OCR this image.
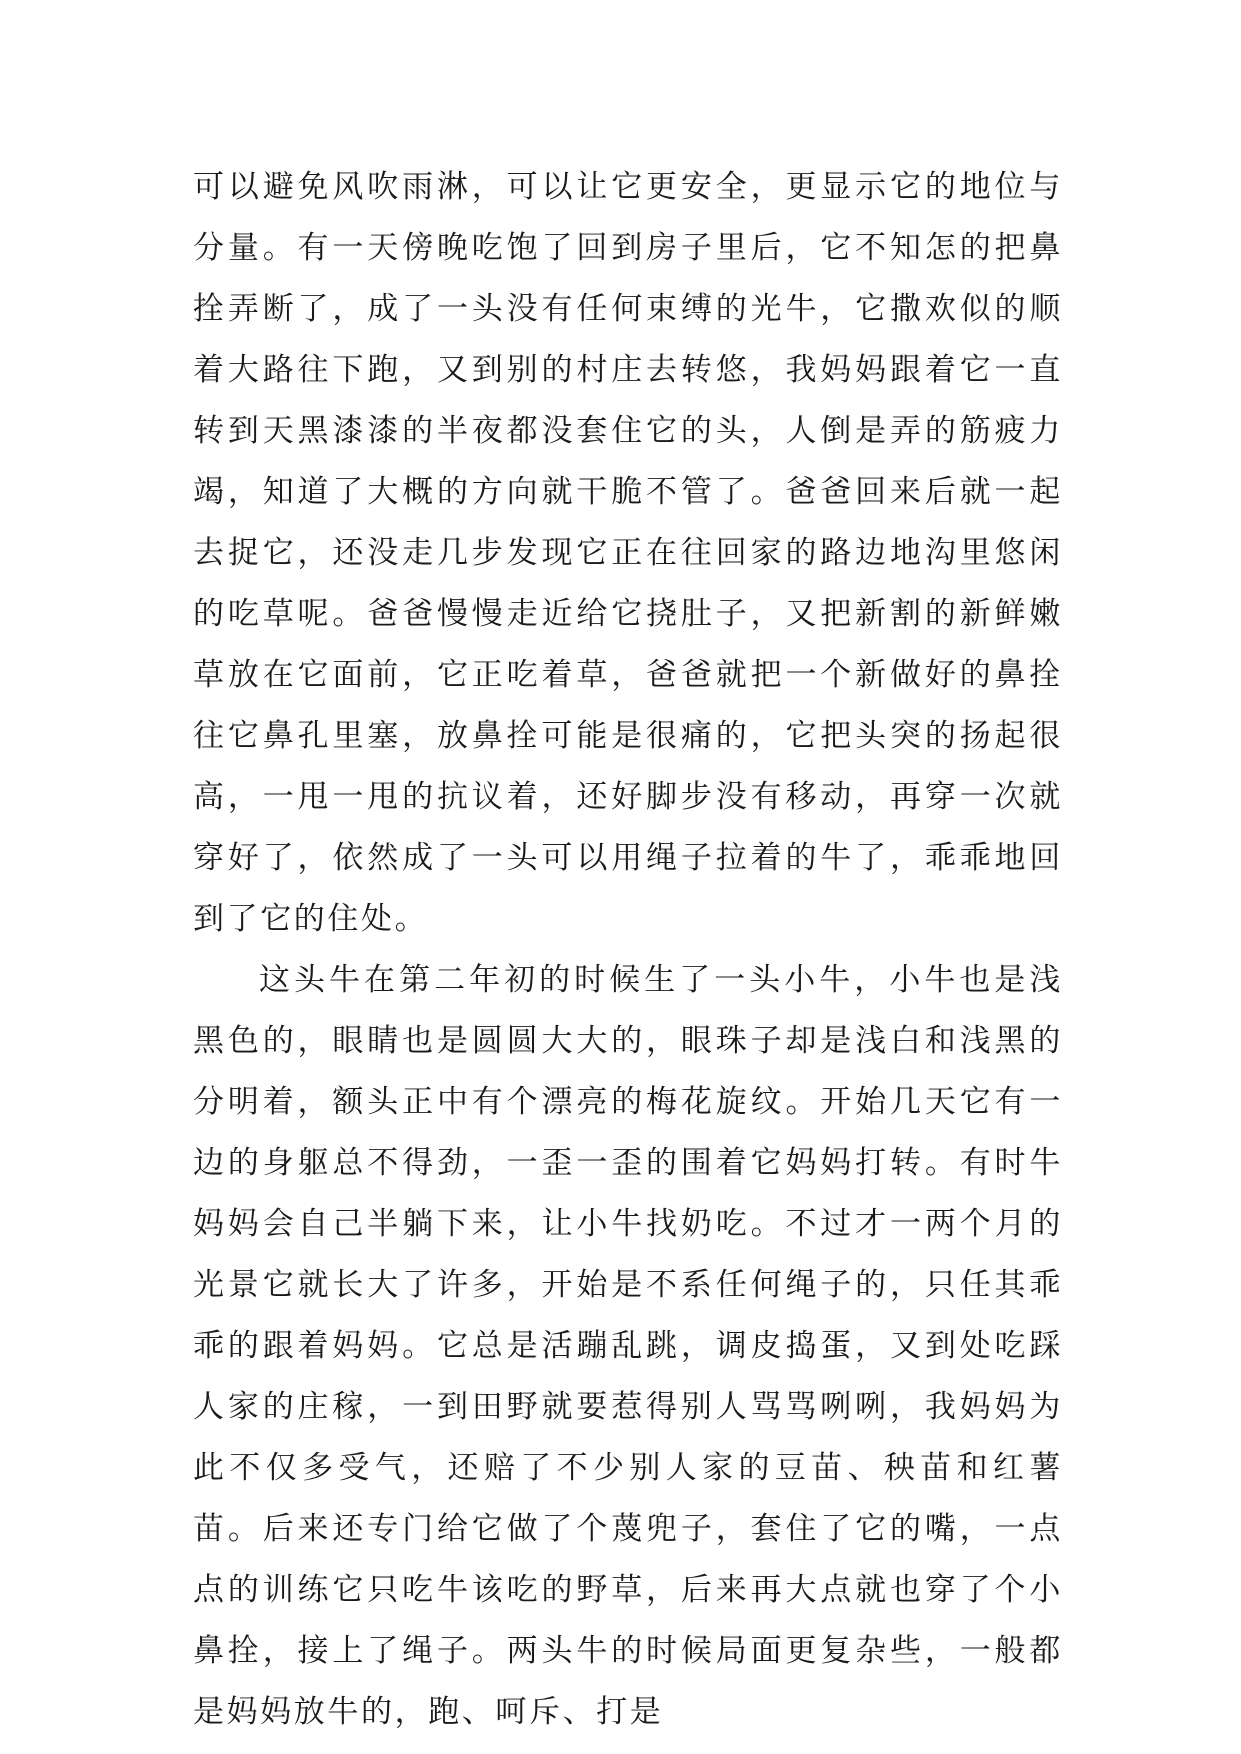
可以避免风吹雨淋，可以让它更安全，更显示它的地位与分量。有一天傍晚吃饱了回到房子里后，它不知怎的把鼻拴弄断了，成了一头没有任何束缚的光牛，它撒欢似的顺着大路往下跑，又到别的村庄去转悠，我妈妈跟着它一直转到天黑漆漆的半夜都没套住它的头，人倒是弄的筋疲力竭，知道了大概的方向就干脆不管了。爸爸回来后就一起去捉它，还没走几步发现它正在往回家的路边地沟里悠闲的吃草呢。爸爸慢慢走近给它挠肚子，又把新割的新鲜嫩草放在它面前，它正吃着草，爸爸就把一个新做好的鼻拴往它鼻孔里塞，放鼻拴可能是很痛的，它把头突的扬起很高，一甩一甩的抗议着，还好脚步没有移动，再穿一次就穿好了，依然成了一头可以用绳子拉着的牛了，乖乖地回到了它的住处。

这头牛在第二年初的时候生了一头小牛，小牛也是浅黑色的，眼睛也是圆圆大大的，眼珠子却是浅白和浅黑的分明着，额头正中有个漂亮的梅花旋纹。开始几天它有一边的身躯总不得劲，一歪一歪的围着它妈妈打转。有时牛妈妈会自己半躺下来，让小牛找奶吃。不过才一两个月的光景它就长大了许多，开始是不系任何绳子的，只任其乖乖的跟着妈妈。它总是活蹦乱跳，调皮捣蛋，又到处吃踩人家的庄稼，一到田野就要惹得别人骂骂咧咧，我妈妈为此不仅多受气，还赔了不少别人家的豆苗、秧苗和红薯苗。后来还专门给它做了个蔑兜子，套住了它的嘴，一点点的训练它只吃牛该吃的野草，后来再大点就也穿了个小鼻拴，接上了绳子。两头牛的时候局面更复杂些，一般都是妈妈放牛的，跑、呵斥、打是
